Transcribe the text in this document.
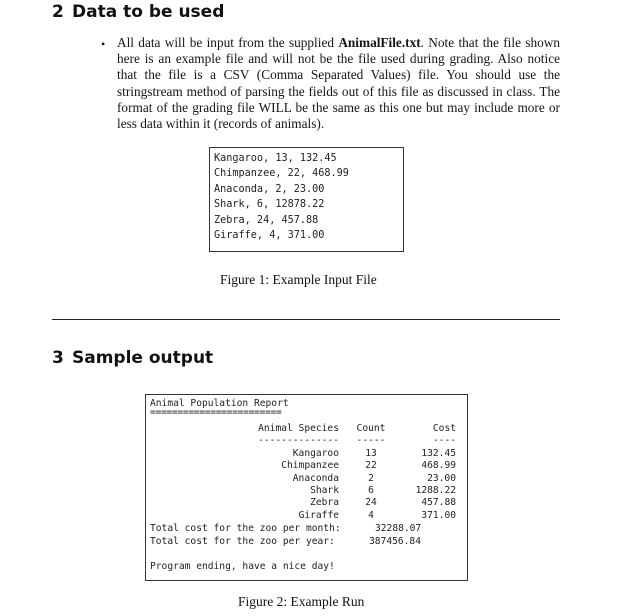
2 Data to be used
• All data will be input from the supplied AnimalFile.txt. Note that the file shown here is an example file and will not be the file used during grading. Also notice that the file is a CSV (Comma Separated Values) file. You should use the stringstream method of parsing the fields out of this file as discussed in class. The format of the grading file WILL be the same as this one but may include more or less data within it (records of animals).
Kangaroo, 13, 132.45
Chimpanzee, 22, 468.99
Anaconda, 2, 23.00
Shark, 6, 12878.22
Zebra, 24, 457.88
Giraffe, 4, 371.00
Figure 1: Example Input File
3 Sample output
Animal Population Report
========================
Animal Species	Count	Cost
--------------	-----	----
Kangaroo	13	132.45
Chimpanzee	22	468.99
Anaconda	2	23.00
Shark	6	1288.22
Zebra	24	457.88
Giraffe	4	371.00
Total cost for the zoo per month:	32288.07
Total cost for the zoo per year:	387456.84
Program ending, have a nice day!
Figure 2: Example Run
